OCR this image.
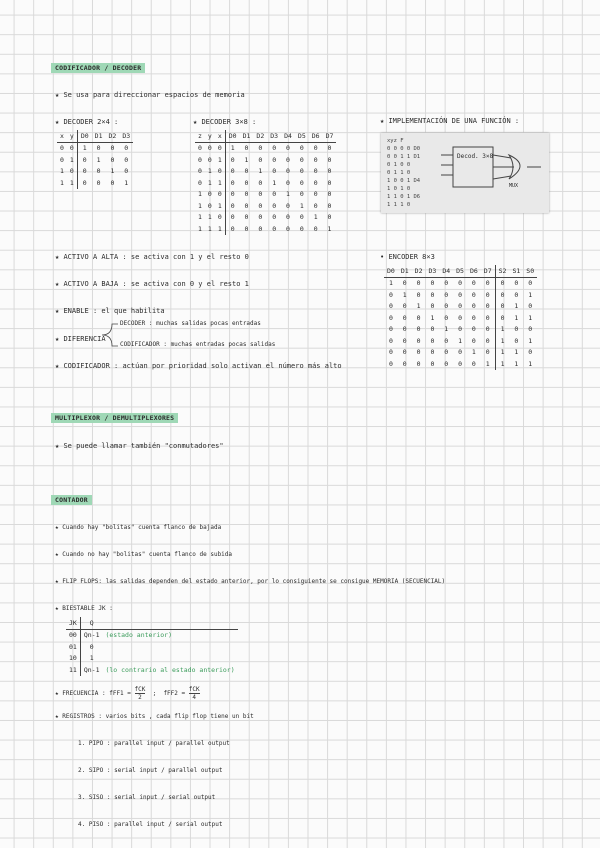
CODIFICADOR / DECODER
★ Se usa para direccionar espacios de memoria
★ DECODER 2×4 :
x	y	D0	D1	D2	D3
0	0	1	0	0	0
0	1	0	1	0	0
1	0	0	0	1	0
1	1	0	0	0	1
★ DECODER 3×8 :
z	y	x	D0	D1	D2	D3	D4	D5	D6	D7
0	0	0	1	0	0	0	0	0	0	0
0	0	1	0	1	0	0	0	0	0	0
0	1	0	0	0	1	0	0	0	0	0
0	1	1	0	0	0	1	0	0	0	0
1	0	0	0	0	0	0	1	0	0	0
1	0	1	0	0	0	0	0	1	0	0
1	1	0	0	0	0	0	0	0	1	0
1	1	1	0	0	0	0	0	0	0	1
★ IMPLEMENTACIÓN DE UNA FUNCIÓN :
xyz F
0 0 0 0 D0
0 0 1 1 D1
0 1 0 0
0 1 1 0
1 0 0 1 D4
1 0 1 0
1 1 0 1 D6
1 1 1 0
Decod. 3×8
MUX
★ ACTIVO A ALTA : se activa con 1 y el resto 0
★ ACTIVO A BAJA : se activa con 0 y el resto 1
★ ENABLE : el que habilita
★ DIFERENCIA
DECODER : muchas salidas pocas entradas
CODIFICADOR : muchas entradas pocas salidas
★ CODIFICADOR : actúan por prioridad solo activan el número más alto
• ENCODER 8×3
D0	D1	D2	D3	D4	D5	D6	D7	S2	S1	S0
1	0	0	0	0	0	0	0	0	0	0
0	1	0	0	0	0	0	0	0	0	1
0	0	1	0	0	0	0	0	0	1	0
0	0	0	1	0	0	0	0	0	1	1
0	0	0	0	1	0	0	0	1	0	0
0	0	0	0	0	1	0	0	1	0	1
0	0	0	0	0	0	1	0	1	1	0
0	0	0	0	0	0	0	1	1	1	1
MULTIPLEXOR / DEMULTIPLEXORES
★ Se puede llamar también "conmutadores"
CONTADOR
★ Cuando hay "bolitas" cuenta flanco de bajada
★ Cuando no hay "bolitas" cuenta flanco de subida
★ FLIP FLOPS: las salidas dependen del estado anterior, por lo consiguiente se consigue MEMORIA (SECUENCIAL)
★ BIESTABLE JK :
JK	Q	
00	Qn-1	(estado anterior)
01	0	
10	1	
11	Qn-1	(lo contrario al estado anterior)
★ FRECUENCIA : $fFF1 = \frac{\text{fCK}}{2}$ ;  $fFF2 = \frac{\text{fCK}}{4}$
★ REGISTROS : varios bits , cada flip flop tiene un bit
1. PIPO : parallel input / parallel output
2. SIPO : serial input / parallel output
3. SISO : serial input / serial output
4. PISO : parallel input / serial output
